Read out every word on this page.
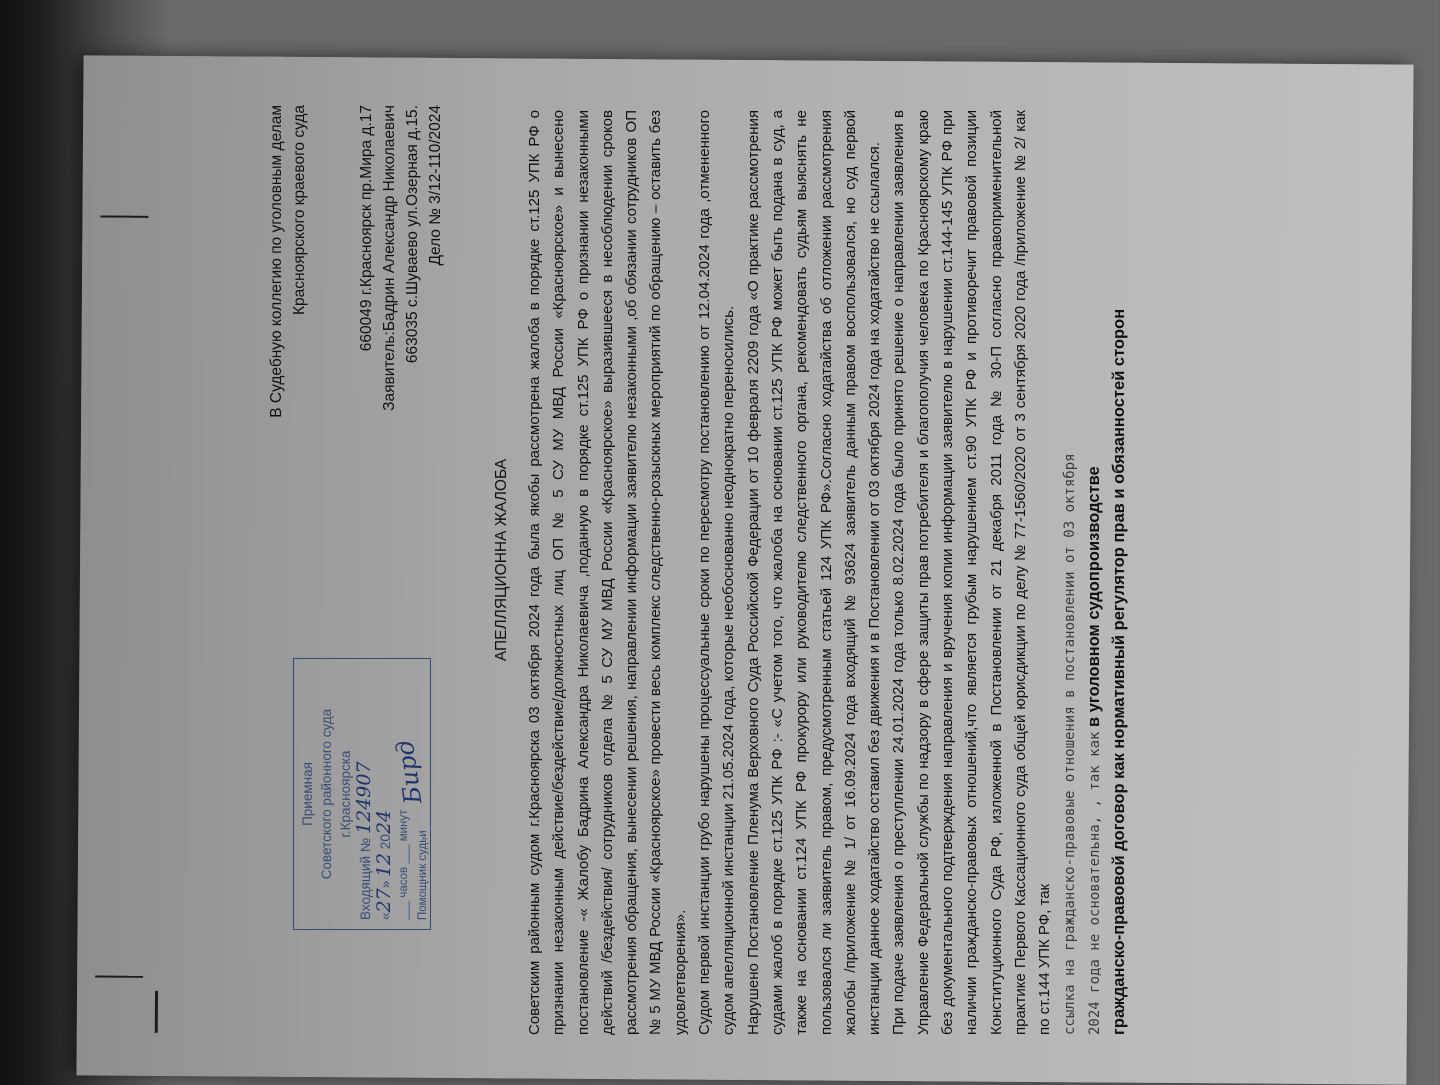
В Судебную коллегию по уголовным делам Красноярского краевого суда	660049 г.Красноярск пр.Мира д.17 Заявитель:Бадрин Александр Николаевич 663035 с.Шуваево ул.Озерная д.15. Дело № 3/12-110/2024
Приемная Советского районного суда г.Красноярска
Входящий № 124907
«27» 12 2024
___ часов ___ минут
Помощник судьи
Бирд
АПЕЛЛЯЦИОННА ЖАЛОБА Советским районным судом г.Красноярска 03 октября 2024 года была якобы рассмотрена жалоба в порядке ст.125 УПК РФ о признании незаконным действие/бездействие/должностных лиц ОП № 5 СУ МУ МВД России «Красноярское» и вынесено постановление -« Жалобу Бадрина Александра Николаевича ,поданную в порядке ст.125 УПК РФ о признании незаконными действий /бездействия/ сотрудников отдела № 5 СУ МУ МВД России «Красноярское» выразившееся в несоблюдении сроков рассмотрения обращения, вынесении решения, направлении информации заявителю незаконными ,об обязании сотрудников ОП № 5 МУ МВД России «Красноярское» провести весь комплекс следственно-розыскных мероприятий по обращению – оставить без удовлетворения». Судом первой инстанции грубо нарушены процессуальные сроки по пересмотру постановлению от 12.04.2024 года ,отмененного судом апелляционной инстанции 21.05.2024 года, которые необоснованно неоднократно переносились. Нарушено Постановление Пленума Верховного Суда Российской Федерации от 10 февраля 2209 года «О практике рассмотрения судами жалоб в порядке ст.125 УПК РФ :- «С учетом того, что жалоба на основании ст.125 УПК РФ может быть подана в суд, а также на основании ст.124 УПК РФ прокурору или руководителю следственного органа, рекомендовать судьям выяснять не пользовался ли заявитель правом, предусмотренным статьей 124 УПК РФ».Согласно ходатайства об отложении рассмотрения жалобы /приложение № 1/ от 16.09.2024 года входящий № 93624 заявитель данным правом воспользовался, но суд первой инстанции данное ходатайство оставил без движения и в Постановлении от 03 октября 2024 года на ходатайство не ссылался. При подаче заявления о преступлении 24.01.2024 года только 8.02.2024 года было принято решение о направлении заявления в Управление Федеральной службы по надзору в сфере защиты прав потребителя и благополучия человека по Красноярскому краю без документального подтверждения направления и вручения копии информации заявителю в нарушении ст.144-145 УПК РФ при наличии гражданско-правовых отношений,что является грубым нарушением ст.90 УПК РФ и противоречит правовой позиции Конституционного Суда РФ, изложенной в Постановлении от 21 декабря 2011 года № 30-П согласно правоприменительной практике Первого Кассационного суда общей юрисдикции по делу № 77-1560/2020 от 3 сентября 2020 года /приложение № 2/ как по ст.144 УПК РФ, так ссылка на гражданско-правовые отношения в постановлении от 03 октября 2024 года не основательна, , так как в уголовном судопроизводстве гражданско-правовой договор как нормативный регулятор прав и обязанностей сторон
